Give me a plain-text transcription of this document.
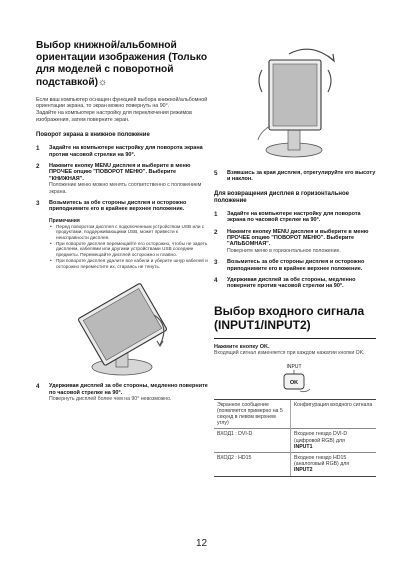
Выбор книжной/альбомной ориентации изображения (Только для моделей с поворотной подставкой)☼

Если ваш компьютер оснащен функцией выбора книжной/альбомной ориентации экрана, то экран можно повернуть на 90°.
Задайте на компьютере настройку для переключения режимов изображения, затем поверните экран.

Поворот экрана в книжное положение
1 Задайте на компьютере настройку для поворота экрана против часовой стрелки на 90°.
2 Нажмите кнопку MENU дисплея и выберите в меню ПРОЧЕЕ опцию "ПОВОРОТ МЕНЮ". Выберите "КНИЖНАЯ".
Положение меню можно менять соответственно с положением экрана.
3 Возьмитесь за обе стороны дисплея и осторожно приподнимите его в крайнее верхнее положение.
Примечания
• Перед поворотом дисплея с подключенным устройством USB или с продуктами, поддерживающими USB, может привести к неисправности дисплея.
• При повороте дисплея перемещайте его осторожно, чтобы не задеть дисплеем, кабелями или другими устройствами USB соседние предметы. Перемещайте дисплей осторожно и плавно.
• При повороте дисплея удалите все кабели и уберите шнур кабелей и осторожно переместите их, стараясь не тянуть.
4 Удерживая дисплей за обе стороны, медленно поверните по часовой стрелке на 90°.
Повернуть дисплей более чем на 90° невозможно.
5 Взявшись за края дисплея, отрегулируйте его высоту и наклон.
Для возвращения дисплея в горизонтальное положение
1 Задайте на компьютере настройку для поворота экрана по часовой стрелке на 90°.
2 Нажмите кнопку MENU дисплея и выберите в меню ПРОЧЕЕ опцию "ПОВОРОТ МЕНЮ". Выберите "АЛЬБОМНАЯ".
Поверните меню в горизонтальное положение.
3 Возьмитесь за обе стороны дисплея и осторожно приподнимите его в крайнее верхнее положение.
4 Удерживая дисплей за обе стороны, медленно поверните против часовой стрелки на 90°.
Выбор входного сигнала (INPUT1/INPUT2)

Нажмите кнопку OK.

Входящий сигнал изменяется при каждом нажатии кнопки OK.

INPUT
OK
Экранное сообщение (появляется примерно на 5 секунд в левом верхнем углу)	Конфигурация входного сигнала
ВХОД1 : DVI-D	Входное гнездо DVI-D (цифровой RGB) для
INPUT1
ВХОД2 : HD15	Входное гнездо HD15 (аналоговый RGB) для
INPUT2
12
